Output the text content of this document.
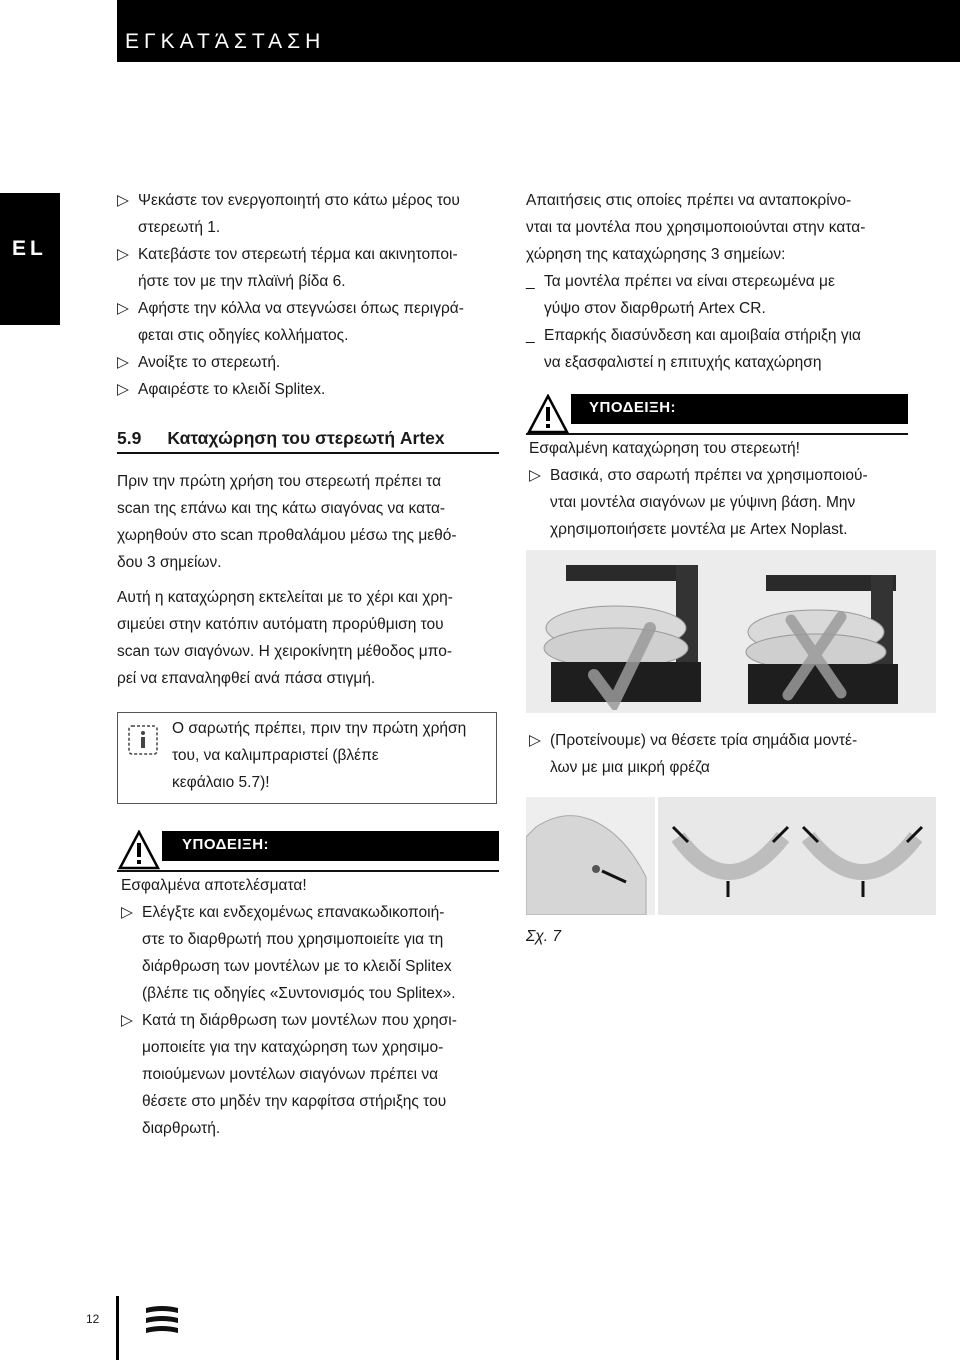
ΕΓΚΑΤΆΣΤΑΣΗ
EL
▷ Ψεκάστε τον ενεργοποιητή στο κάτω μέρος του
στερεωτή 1.
▷ Κατεβάστε τον στερεωτή τέρμα και ακινητοποι-
ήστε τον με την πλαϊνή βίδα 6.
▷ Αφήστε την κόλλα να στεγνώσει όπως περιγρά-
φεται στις οδηγίες κολλήματος.
▷ Ανοίξτε το στερεωτή.
▷ Αφαιρέστε το κλειδί Splitex.
5.9 Καταχώρηση του στερεωτή Artex
Πριν την πρώτη χρήση του στερεωτή πρέπει τα
scan της επάνω και της κάτω σιαγόνας να κατα-
χωρηθούν στο scan προθαλάμου μέσω της μεθό-
δου 3 σημείων.
Αυτή η καταχώρηση εκτελείται με το χέρι και χρη-
σιμεύει στην κατόπιν αυτόματη προρύθμιση του
scan των σιαγόνων. Η χειροκίνητη μέθοδος μπο-
ρεί να επαναληφθεί ανά πάσα στιγμή.
Ο σαρωτής πρέπει, πριν την πρώτη χρήση
του, να καλιμπραριστεί (βλέπε
κεφάλαιο 5.7)!
ΥΠΟΔΕΙΞΗ:
Εσφαλμένα αποτελέσματα!
▷ Ελέγξτε και ενδεχομένως επανακωδικοποιή-
στε το διαρθρωτή που χρησιμοποιείτε για τη
διάρθρωση των μοντέλων με το κλειδί Splitex
(βλέπε τις οδηγίες «Συντονισμός του Splitex».
▷ Κατά τη διάρθρωση των μοντέλων που χρησι-
μοποιείτε για την καταχώρηση των χρησιμο-
ποιούμενων μοντέλων σιαγόνων πρέπει να
θέσετε στο μηδέν την καρφίτσα στήριξης του
διαρθρωτή.
Απαιτήσεις στις οποίες πρέπει να ανταποκρίνο-
νται τα μοντέλα που χρησιμοποιούνται στην κατα-
χώρηση της καταχώρησης 3 σημείων:
_ Τα μοντέλα πρέπει να είναι στερεωμένα με
γύψο στον διαρθρωτή Artex CR.
_ Επαρκής διασύνδεση και αμοιβαία στήριξη για
να εξασφαλιστεί η επιτυχής καταχώρηση
ΥΠΟΔΕΙΞΗ:
Εσφαλμένη καταχώρηση του στερεωτή!
▷ Βασικά, στο σαρωτή πρέπει να χρησιμοποιού-
νται μοντέλα σιαγόνων με γύψινη βάση. Μην
χρησιμοποιήσετε μοντέλα με Artex Noplast.
▷ (Προτείνουμε) να θέσετε τρία σημάδια μοντέ-
λων με μια μικρή φρέζα
Σχ. 7
12
